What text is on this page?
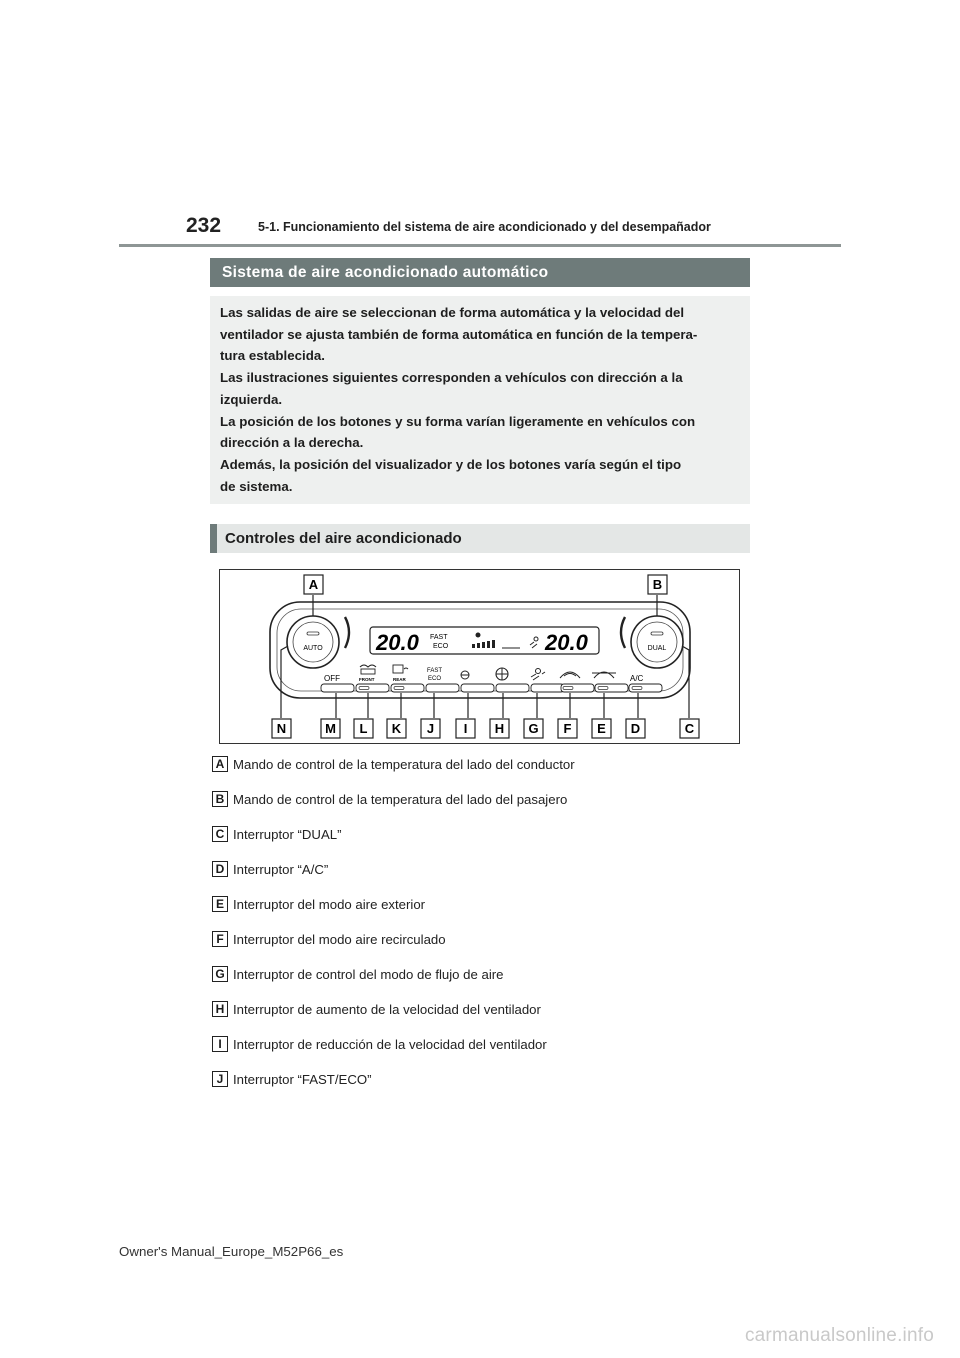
232	5-1. Funcionamiento del sistema de aire acondicionado y del desempañador
Sistema de aire acondicionado automático
Las salidas de aire se seleccionan de forma automática y la velocidad del
ventilador se ajusta también de forma automática en función de la tempera-
tura establecida.
Las ilustraciones siguientes corresponden a vehículos con dirección a la
izquierda.
La posición de los botones y su forma varían ligeramente en vehículos con
dirección a la derecha.
Además, la posición del visualizador y de los botones varía según el tipo
de sistema.
Controles del aire acondicionado
AUTO	DUAL
20.0 FAST
ECO	20.0
OFF	FRONT	REAR
FAST
ECO	A/C
A	B
N	M L K J I H G F E D	C
A Mando de control de la temperatura del lado del conductor
B Mando de control de la temperatura del lado del pasajero
C Interruptor “DUAL”
D Interruptor “A/C”
E Interruptor del modo aire exterior
F Interruptor del modo aire recirculado
G Interruptor de control del modo de flujo de aire
H Interruptor de aumento de la velocidad del ventilador
I Interruptor de reducción de la velocidad del ventilador
J Interruptor “FAST/ECO”
Owner's Manual_Europe_M52P66_es
carmanualsonline.info
